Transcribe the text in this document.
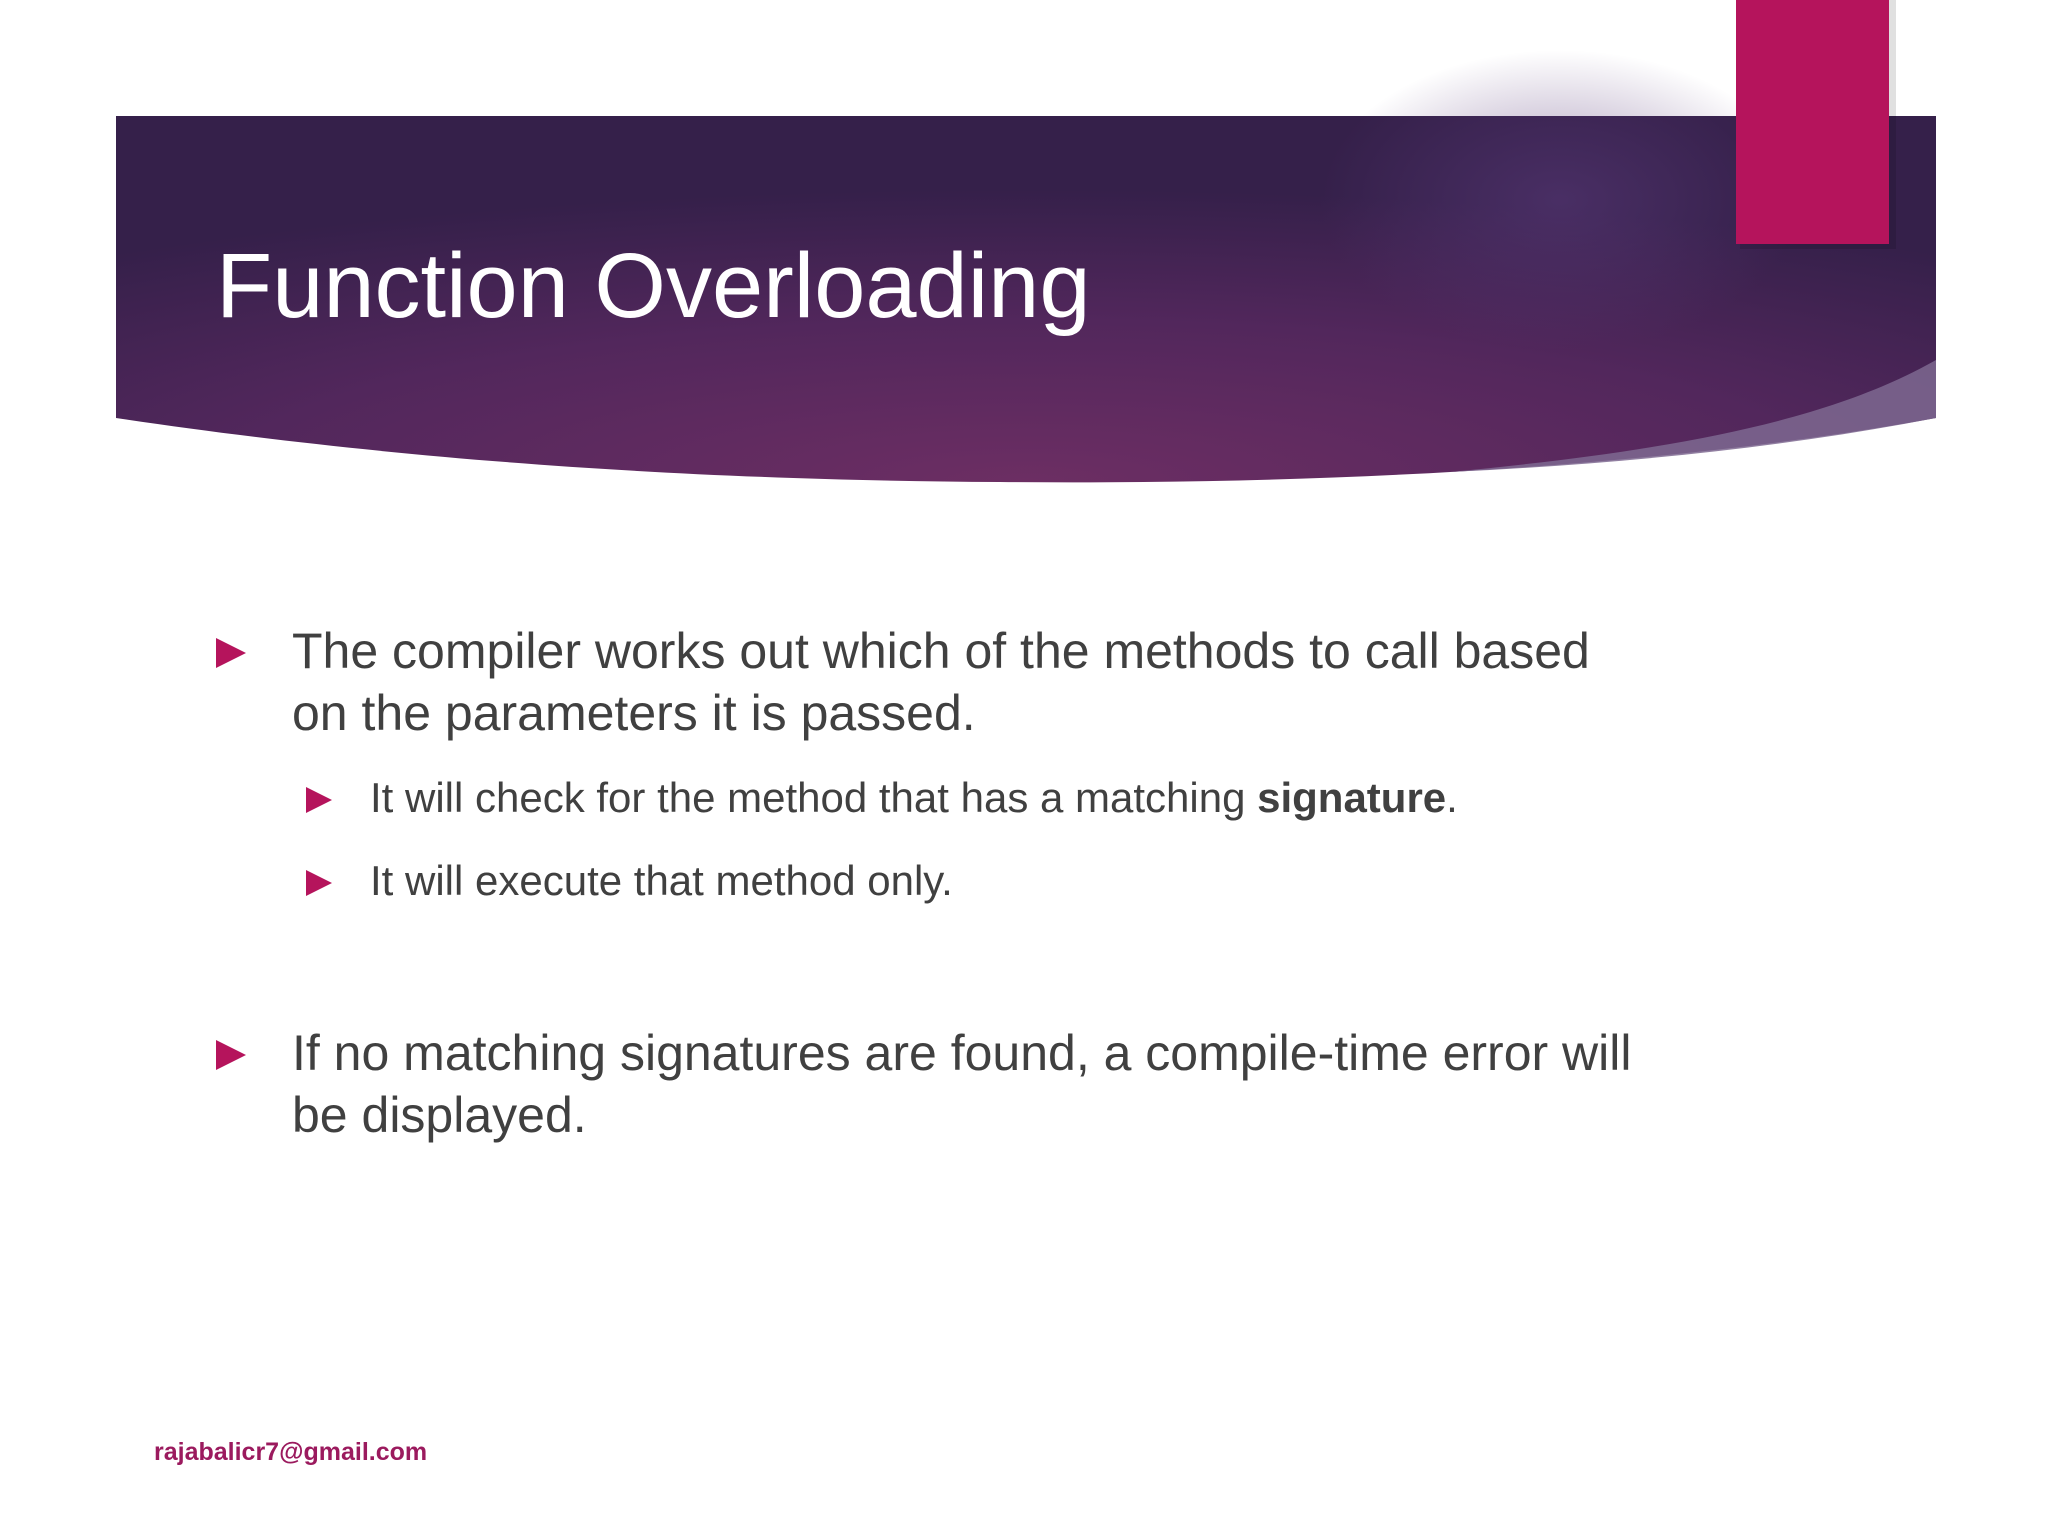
Function Overloading
The compiler works out which of the methods to call based on the parameters it is passed.
It will check for the method that has a matching signature.
It will execute that method only.
If no matching signatures are found, a compile-time error will be displayed.
rajabalicr7@gmail.com
